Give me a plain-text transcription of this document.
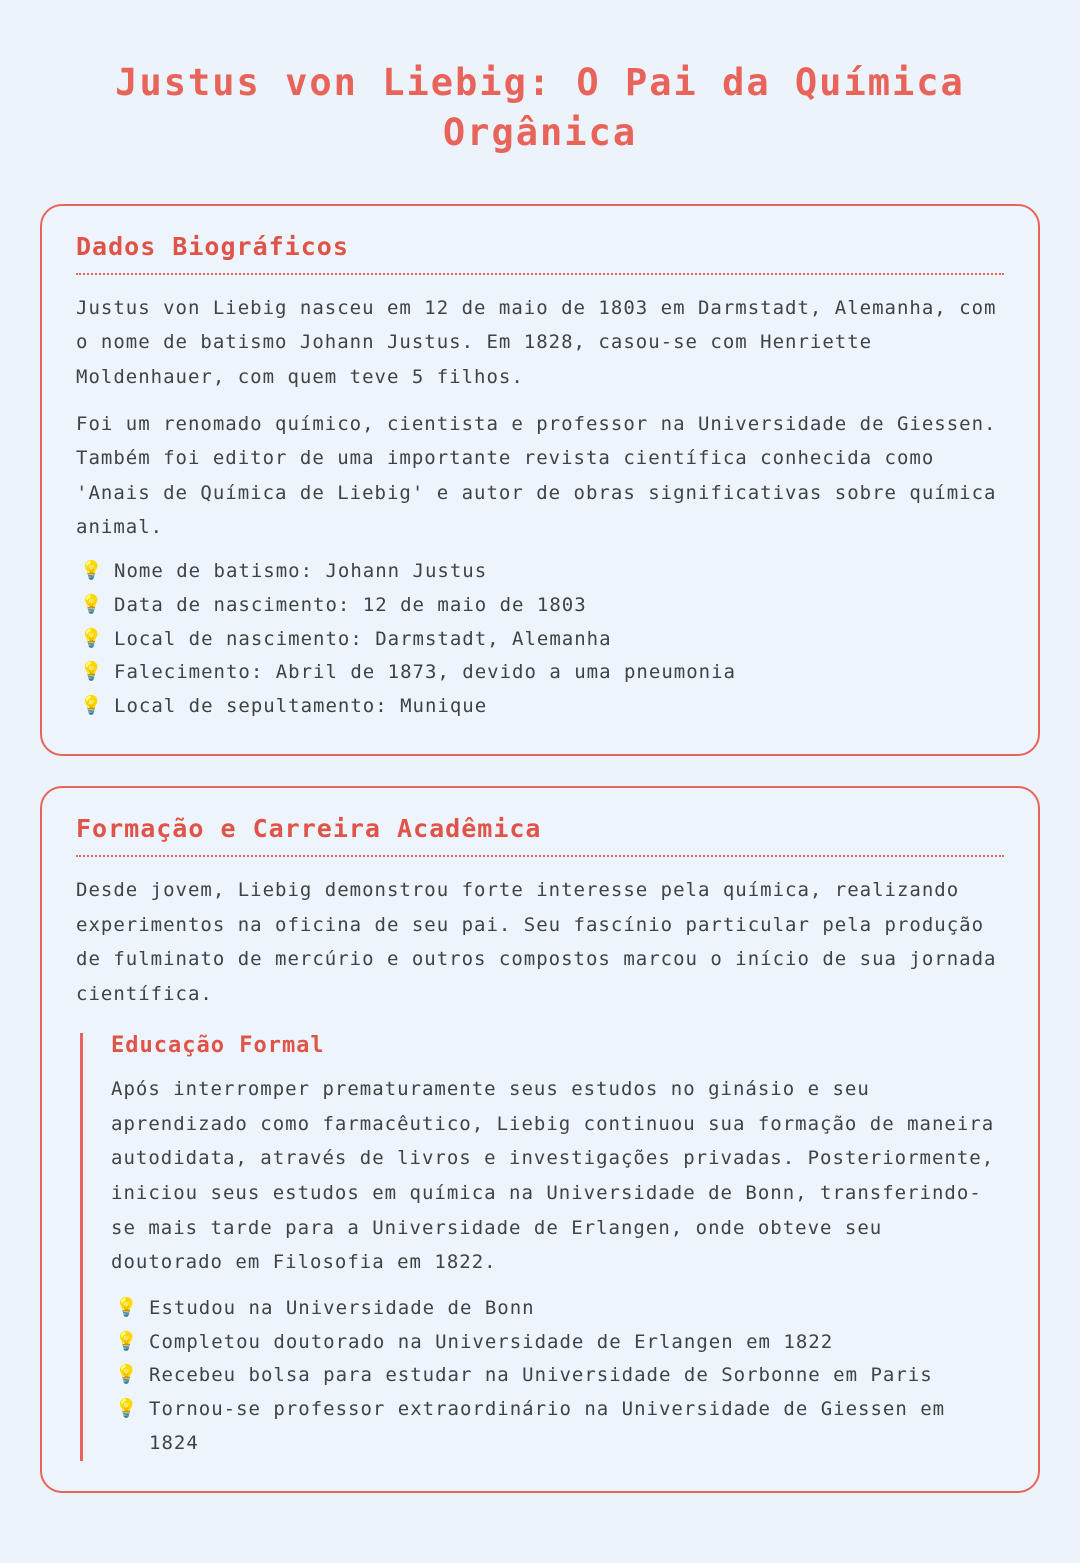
Justus von Liebig: O Pai da Química Orgânica
Dados Biográficos

Justus von Liebig nasceu em 12 de maio de 1803 em Darmstadt, Alemanha, com o nome de batismo Johann Justus. Em 1828, casou-se com Henriette Moldenhauer, com quem teve 5 filhos.

Foi um renomado químico, cientista e professor na Universidade de Giessen. Também foi editor de uma importante revista científica conhecida como 'Anais de Química de Liebig' e autor de obras significativas sobre química animal.

💡 Nome de batismo: Johann Justus
💡 Data de nascimento: 12 de maio de 1803
💡 Local de nascimento: Darmstadt, Alemanha
💡 Falecimento: Abril de 1873, devido a uma pneumonia
💡 Local de sepultamento: Munique
Formação e Carreira Acadêmica

Desde jovem, Liebig demonstrou forte interesse pela química, realizando experimentos na oficina de seu pai. Seu fascínio particular pela produção de fulminato de mercúrio e outros compostos marcou o início de sua jornada científica.

Educação Formal

Após interromper prematuramente seus estudos no ginásio e seu aprendizado como farmacêutico, Liebig continuou sua formação de maneira autodidata, através de livros e investigações privadas. Posteriormente, iniciou seus estudos em química na Universidade de Bonn, transferindo-se mais tarde para a Universidade de Erlangen, onde obteve seu doutorado em Filosofia em 1822.

💡 Estudou na Universidade de Bonn
💡 Completou doutorado na Universidade de Erlangen em 1822
💡 Recebeu bolsa para estudar na Universidade de Sorbonne em Paris
💡 Tornou-se professor extraordinário na Universidade de Giessen em 1824
